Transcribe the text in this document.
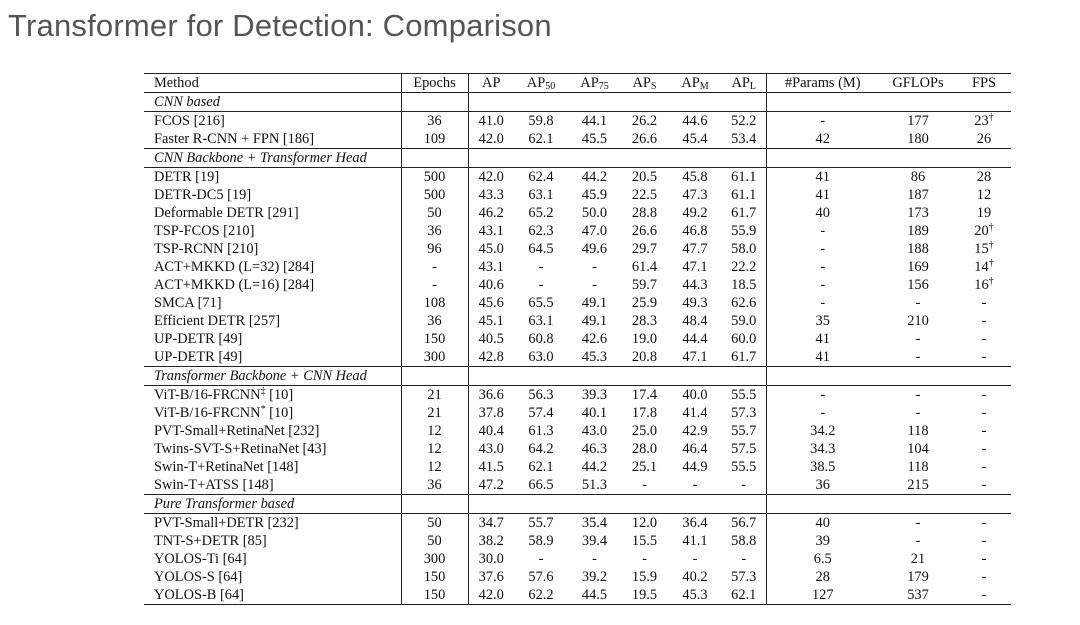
Transformer for Detection: Comparison
Method	Epochs	AP	$AP_{50}$	$AP_{75}$	$AP_S$	$AP_M$	$AP_L$	#Params (M)	GFLOPs	FPS
CNN based										
FCOS [216]	36	41.0	59.8	44.1	26.2	44.6	52.2	-	177	23†
Faster R-CNN + FPN [186]	109	42.0	62.1	45.5	26.6	45.4	53.4	42	180	26
CNN Backbone + Transformer Head										
DETR [19]	500	42.0	62.4	44.2	20.5	45.8	61.1	41	86	28
DETR-DC5 [19]	500	43.3	63.1	45.9	22.5	47.3	61.1	41	187	12
Deformable DETR [291]	50	46.2	65.2	50.0	28.8	49.2	61.7	40	173	19
TSP-FCOS [210]	36	43.1	62.3	47.0	26.6	46.8	55.9	-	189	20†
TSP-RCNN [210]	96	45.0	64.5	49.6	29.7	47.7	58.0	-	188	15†
ACT+MKKD (L=32) [284]	-	43.1	-	-	61.4	47.1	22.2	-	169	14†
ACT+MKKD (L=16) [284]	-	40.6	-	-	59.7	44.3	18.5	-	156	16†
SMCA [71]	108	45.6	65.5	49.1	25.9	49.3	62.6	-	-	-
Efficient DETR [257]	36	45.1	63.1	49.1	28.3	48.4	59.0	35	210	-
UP-DETR [49]	150	40.5	60.8	42.6	19.0	44.4	60.0	41	-	-
UP-DETR [49]	300	42.8	63.0	45.3	20.8	47.1	61.7	41	-	-
Transformer Backbone + CNN Head										
ViT-B/16-FRCNN‡ [10]	21	36.6	56.3	39.3	17.4	40.0	55.5	-	-	-
ViT-B/16-FRCNN* [10]	21	37.8	57.4	40.1	17.8	41.4	57.3	-	-	-
PVT-Small+RetinaNet [232]	12	40.4	61.3	43.0	25.0	42.9	55.7	34.2	118	-
Twins-SVT-S+RetinaNet [43]	12	43.0	64.2	46.3	28.0	46.4	57.5	34.3	104	-
Swin-T+RetinaNet [148]	12	41.5	62.1	44.2	25.1	44.9	55.5	38.5	118	-
Swin-T+ATSS [148]	36	47.2	66.5	51.3	-	-	-	36	215	-
Pure Transformer based										
PVT-Small+DETR [232]	50	34.7	55.7	35.4	12.0	36.4	56.7	40	-	-
TNT-S+DETR [85]	50	38.2	58.9	39.4	15.5	41.1	58.8	39	-	-
YOLOS-Ti [64]	300	30.0	-	-	-	-	-	6.5	21	-
YOLOS-S [64]	150	37.6	57.6	39.2	15.9	40.2	57.3	28	179	-
YOLOS-B [64]	150	42.0	62.2	44.5	19.5	45.3	62.1	127	537	-
